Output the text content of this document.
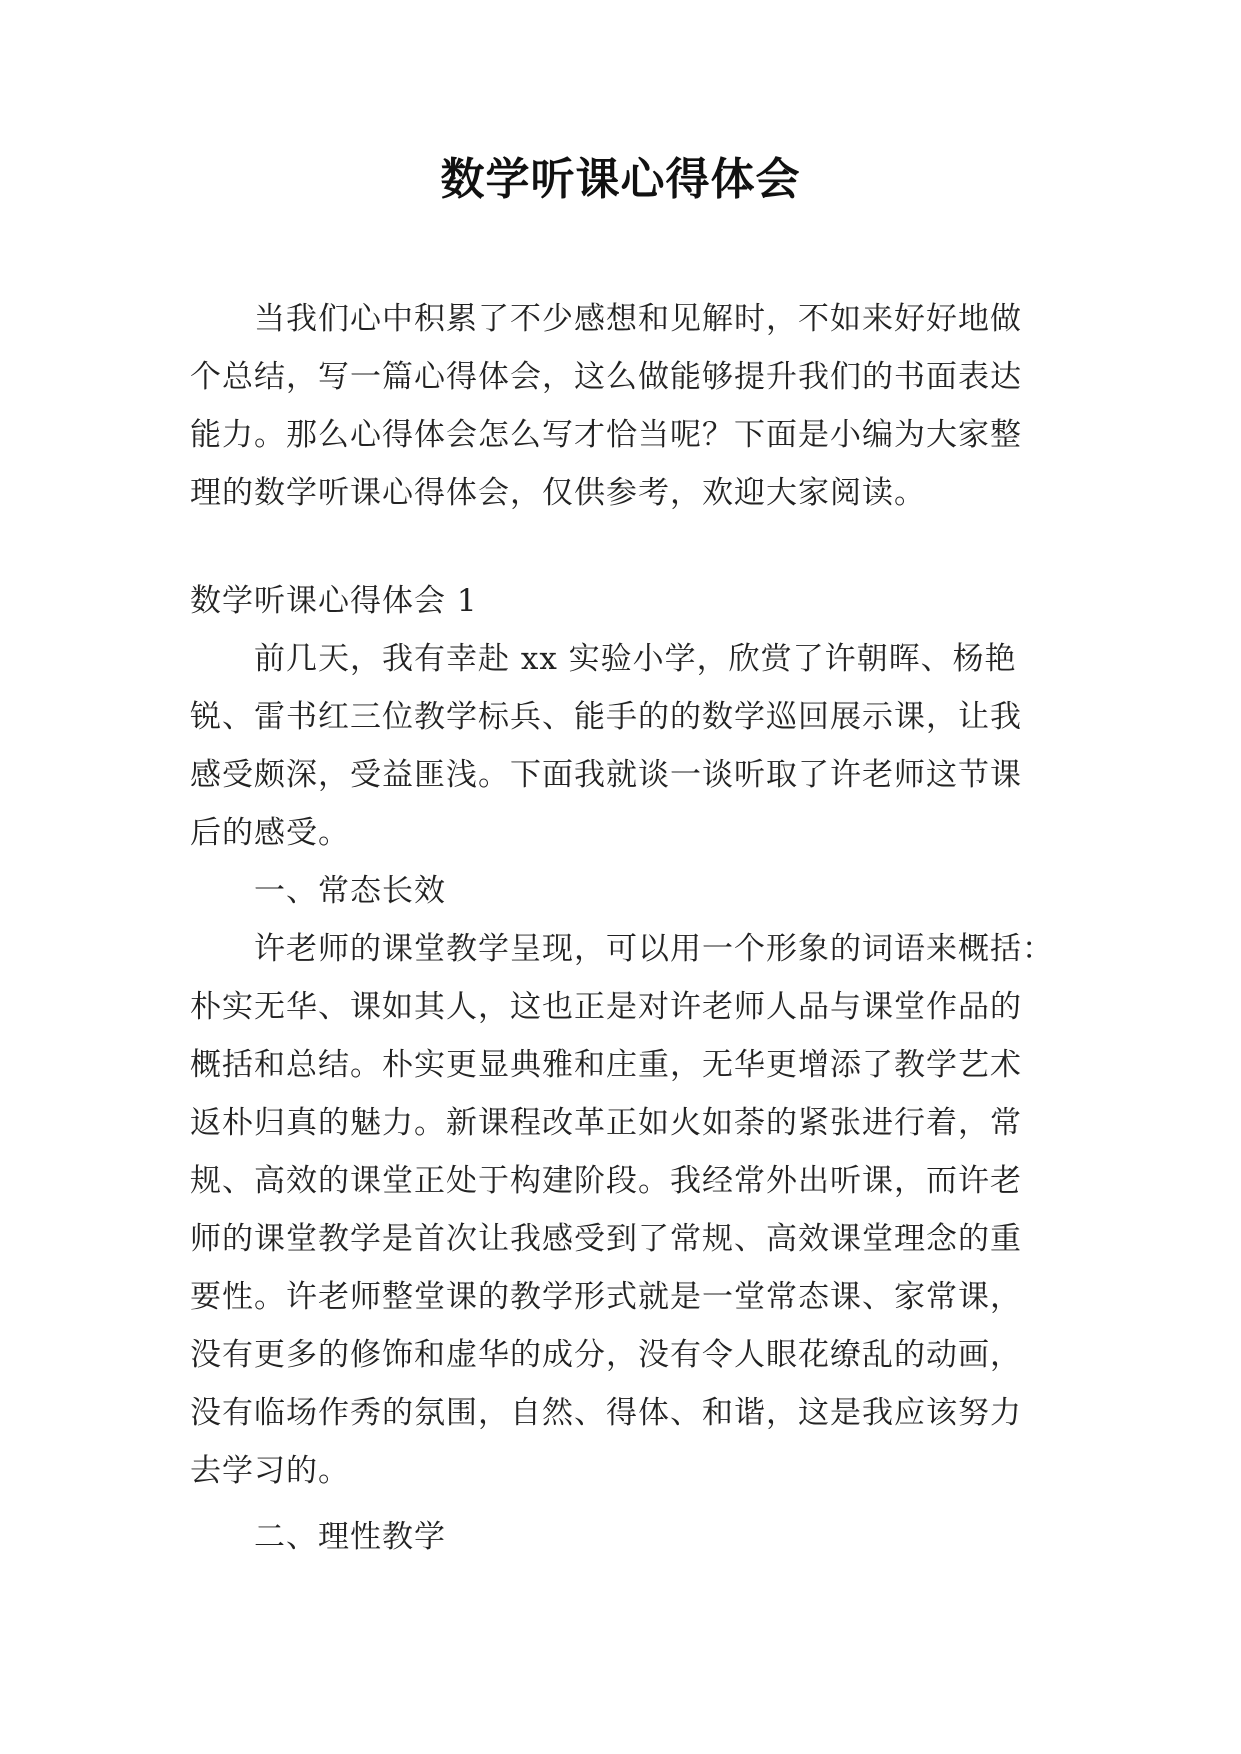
数学听课心得体会
当我们心中积累了不少感想和见解时，不如来好好地做
个总结，写一篇心得体会，这么做能够提升我们的书面表达
能力。那么心得体会怎么写才恰当呢？下面是小编为大家整
理的数学听课心得体会，仅供参考，欢迎大家阅读。
数学听课心得体会 1
前几天，我有幸赴 xx 实验小学，欣赏了许朝晖、杨艳
锐、雷书红三位教学标兵、能手的的数学巡回展示课，让我
感受颇深，受益匪浅。下面我就谈一谈听取了许老师这节课
后的感受。
一、常态长效
许老师的课堂教学呈现，可以用一个形象的词语来概括：
朴实无华、课如其人，这也正是对许老师人品与课堂作品的
概括和总结。朴实更显典雅和庄重，无华更增添了教学艺术
返朴归真的魅力。新课程改革正如火如荼的紧张进行着，常
规、高效的课堂正处于构建阶段。我经常外出听课，而许老
师的课堂教学是首次让我感受到了常规、高效课堂理念的重
要性。许老师整堂课的教学形式就是一堂常态课、家常课，
没有更多的修饰和虚华的成分，没有令人眼花缭乱的动画，
没有临场作秀的氛围，自然、得体、和谐，这是我应该努力
去学习的。
二、理性教学
